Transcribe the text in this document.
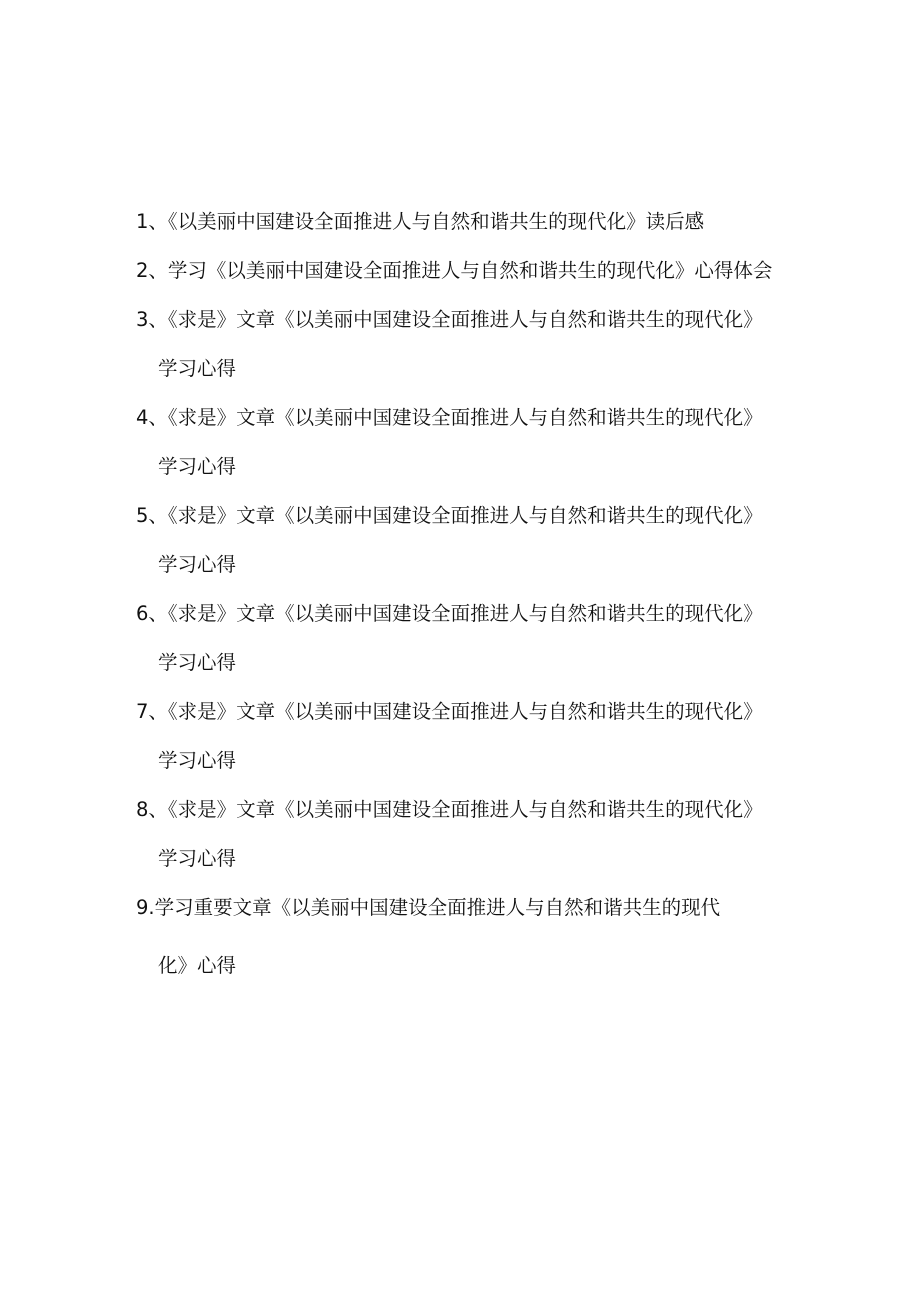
1、《以美丽中国建设全面推进人与自然和谐共生的现代化》读后感
2、学习《以美丽中国建设全面推进人与自然和谐共生的现代化》心得体会
3、《求是》文章《以美丽中国建设全面推进人与自然和谐共生的现代化》
学习心得
4、《求是》文章《以美丽中国建设全面推进人与自然和谐共生的现代化》
学习心得
5、《求是》文章《以美丽中国建设全面推进人与自然和谐共生的现代化》
学习心得
6、《求是》文章《以美丽中国建设全面推进人与自然和谐共生的现代化》
学习心得
7、《求是》文章《以美丽中国建设全面推进人与自然和谐共生的现代化》
学习心得
8、《求是》文章《以美丽中国建设全面推进人与自然和谐共生的现代化》
学习心得
9.学习重要文章《以美丽中国建设全面推进人与自然和谐共生的现代
化》心得
